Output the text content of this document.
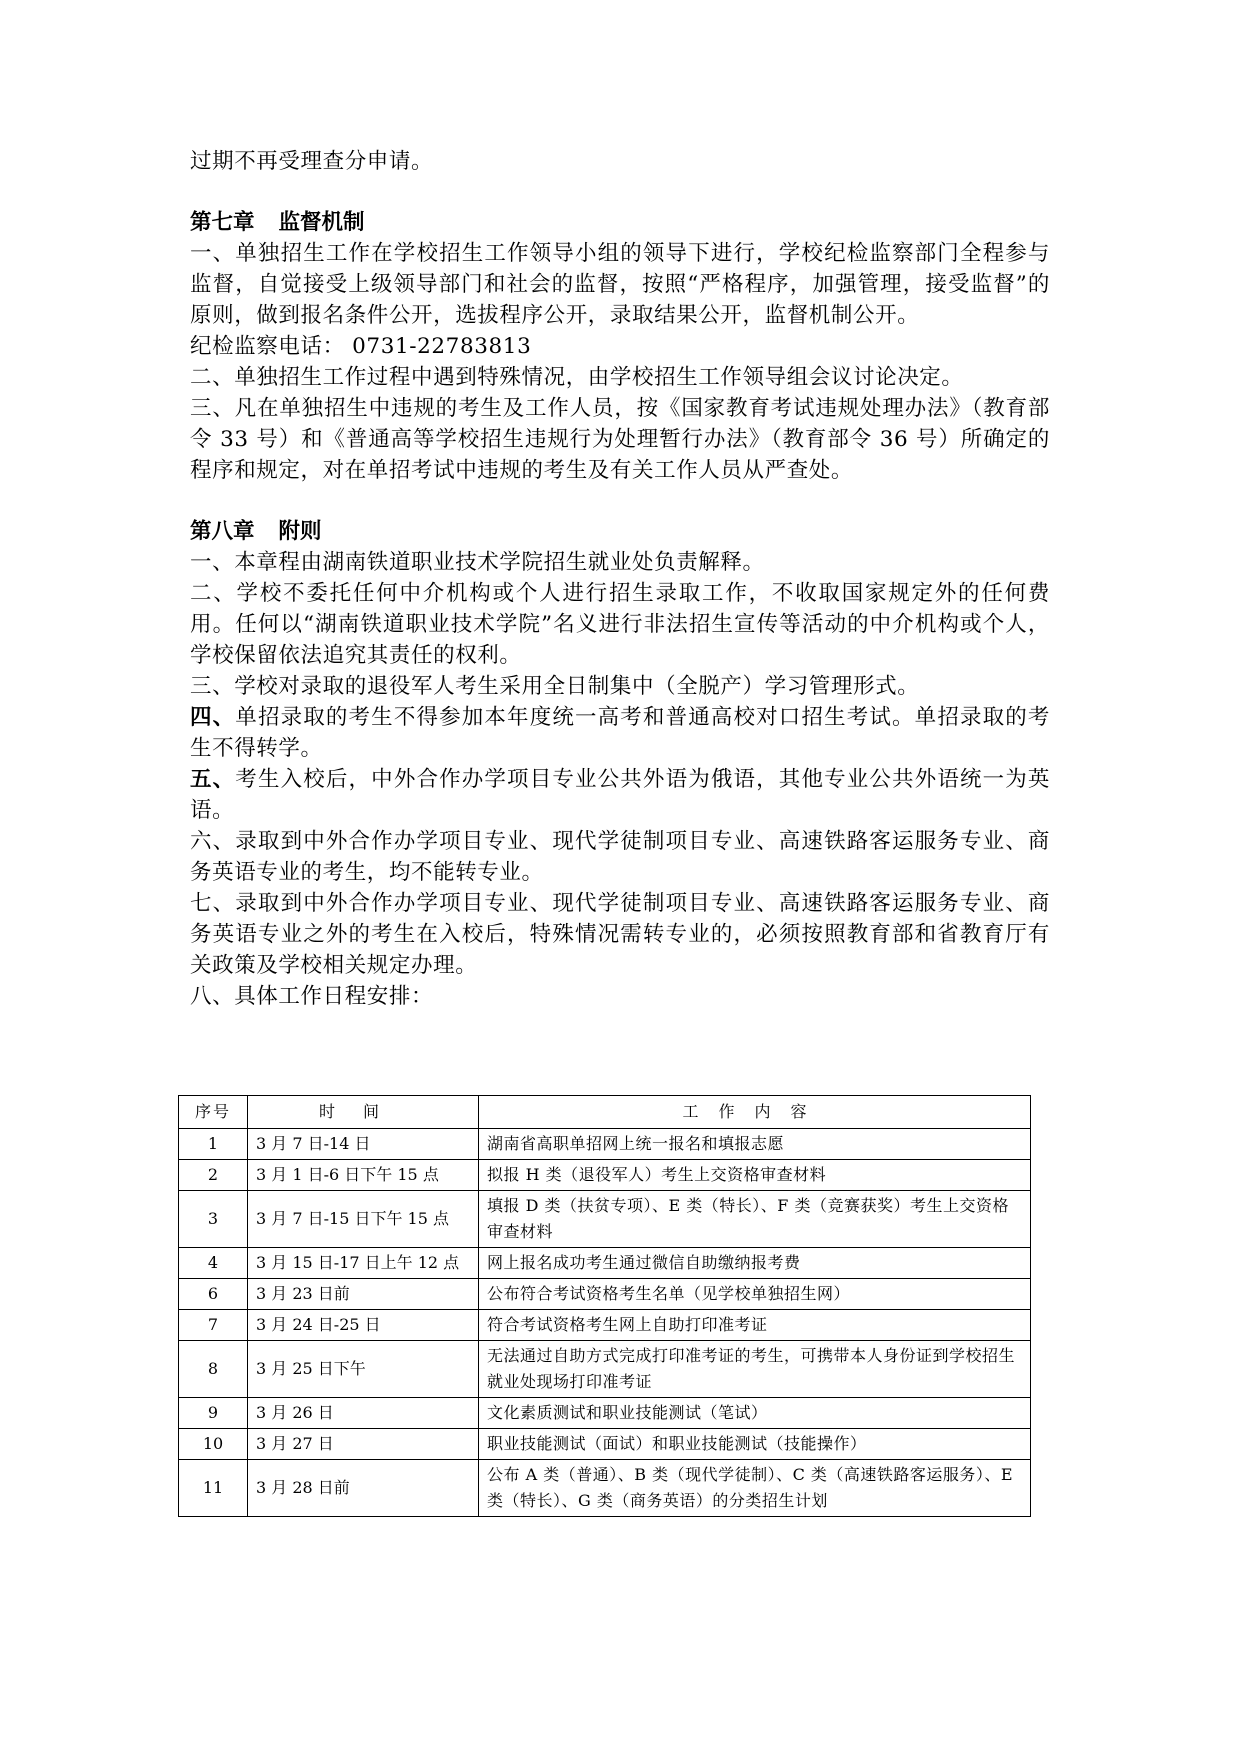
过期不再受理查分申请。

第七章 监督机制

一、单独招生工作在学校招生工作领导小组的领导下进行，学校纪检监察部门全程参与监督，自觉接受上级领导部门和社会的监督，按照“严格程序，加强管理，接受监督”的原则，做到报名条件公开，选拔程序公开，录取结果公开，监督机制公开。

纪检监察电话： 0731-22783813

二、单独招生工作过程中遇到特殊情况，由学校招生工作领导组会议讨论决定。

三、凡在单独招生中违规的考生及工作人员，按《国家教育考试违规处理办法》（教育部令 33 号）和《普通高等学校招生违规行为处理暂行办法》（教育部令 36 号）所确定的程序和规定，对在单招考试中违规的考生及有关工作人员从严查处。

第八章 附则

一、本章程由湖南铁道职业技术学院招生就业处负责解释。

二、学校不委托任何中介机构或个人进行招生录取工作，不收取国家规定外的任何费用。任何以“湖南铁道职业技术学院”名义进行非法招生宣传等活动的中介机构或个人，学校保留依法追究其责任的权利。

三、学校对录取的退役军人考生采用全日制集中（全脱产）学习管理形式。

四、单招录取的考生不得参加本年度统一高考和普通高校对口招生考试。单招录取的考生不得转学。

五、考生入校后，中外合作办学项目专业公共外语为俄语，其他专业公共外语统一为英语。

六、录取到中外合作办学项目专业、现代学徒制项目专业、高速铁路客运服务专业、商务英语专业的考生，均不能转专业。

七、录取到中外合作办学项目专业、现代学徒制项目专业、高速铁路客运服务专业、商务英语专业之外的考生在入校后，特殊情况需转专业的，必须按照教育部和省教育厅有关政策及学校相关规定办理。

八、具体工作日程安排：

序号	时间	工作内容
1	3 月 7 日-14 日	湖南省高职单招网上统一报名和填报志愿
2	3 月 1 日-6 日下午 15 点	拟报 H 类（退役军人）考生上交资格审查材料
3	3 月 7 日-15 日下午 15 点	填报 D 类（扶贫专项）、E 类（特长）、F 类（竞赛获奖）考生上交资格审查材料
4	3 月 15 日-17 日上午 12 点	网上报名成功考生通过微信自助缴纳报考费
6	3 月 23 日前	公布符合考试资格考生名单（见学校单独招生网）
7	3 月 24 日-25 日	符合考试资格考生网上自助打印准考证
8	3 月 25 日下午	无法通过自助方式完成打印准考证的考生，可携带本人身份证到学校招生就业处现场打印准考证
9	3 月 26 日	文化素质测试和职业技能测试（笔试）
10	3 月 27 日	职业技能测试（面试）和职业技能测试（技能操作）
11	3 月 28 日前	公布 A 类（普通）、B 类（现代学徒制）、C 类（高速铁路客运服务）、E 类（特长）、G 类（商务英语）的分类招生计划
